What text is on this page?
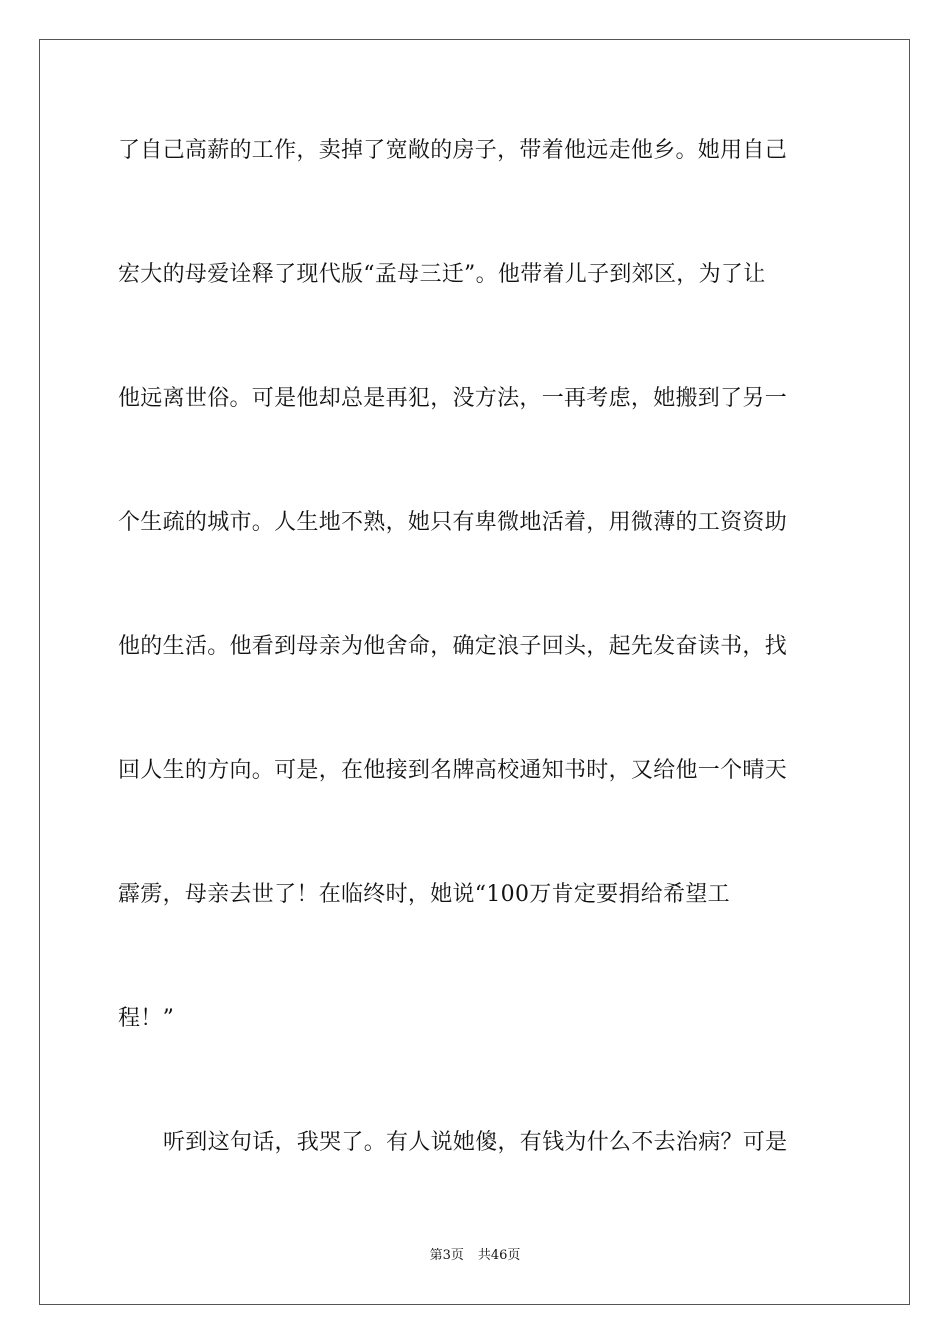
了自己高薪的工作，卖掉了宽敞的房子，带着他远走他乡。她用自己
宏大的母爱诠释了现代版“孟母三迁”。他带着儿子到郊区，为了让
他远离世俗。可是他却总是再犯，没方法，一再考虑，她搬到了另一
个生疏的城市。人生地不熟，她只有卑微地活着，用微薄的工资资助
他的生活。他看到母亲为他舍命，确定浪子回头，起先发奋读书，找
回人生的方向。可是，在他接到名牌高校通知书时，又给他一个晴天
霹雳，母亲去世了！在临终时，她说“100万肯定要捐给希望工
程！”
听到这句话，我哭了。有人说她傻，有钱为什么不去治病？可是
第3页 共46页
